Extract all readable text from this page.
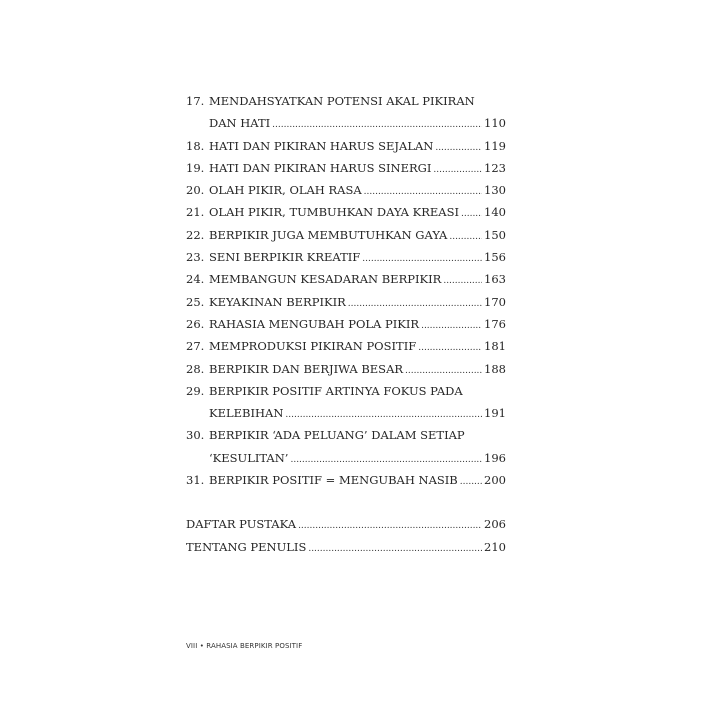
17. MENDAHSYATKAN POTENSI AKAL PIKIRAN
DAN HATI .....	110
18. HATI DAN PIKIRAN HARUS SEJALAN .....	119
19. HATI DAN PIKIRAN HARUS SINERGI .....	123
20. OLAH PIKIR, OLAH RASA .....	130
21. OLAH PIKIR, TUMBUHKAN DAYA KREASI ..... 140
22. BERPIKIR JUGA MEMBUTUHKAN GAYA .....	150
23. SENI BERPIKIR KREATIF .....	156
24. MEMBANGUN KESADARAN BERPIKIR .....	163
25. KEYAKINAN BERPIKIR .....	170
26. RAHASIA MENGUBAH POLA PIKIR .....	176
27. MEMPRODUKSI PIKIRAN POSITIF .....	181
28. BERPIKIR DAN BERJIWA BESAR .....	188
29. BERPIKIR POSITIF ARTINYA FOKUS PADA
KELEBIHAN .....	191
30. BERPIKIR ‘ADA PELUANG’ DALAM SETIAP
‘KESULITAN’ .....	196
31. BERPIKIR POSITIF = MENGUBAH NASIB ..... 200
DAFTAR PUSTAKA .....	206
TENTANG PENULIS .....	210
VIII • RAHASIA BERPIKIR POSITIF
